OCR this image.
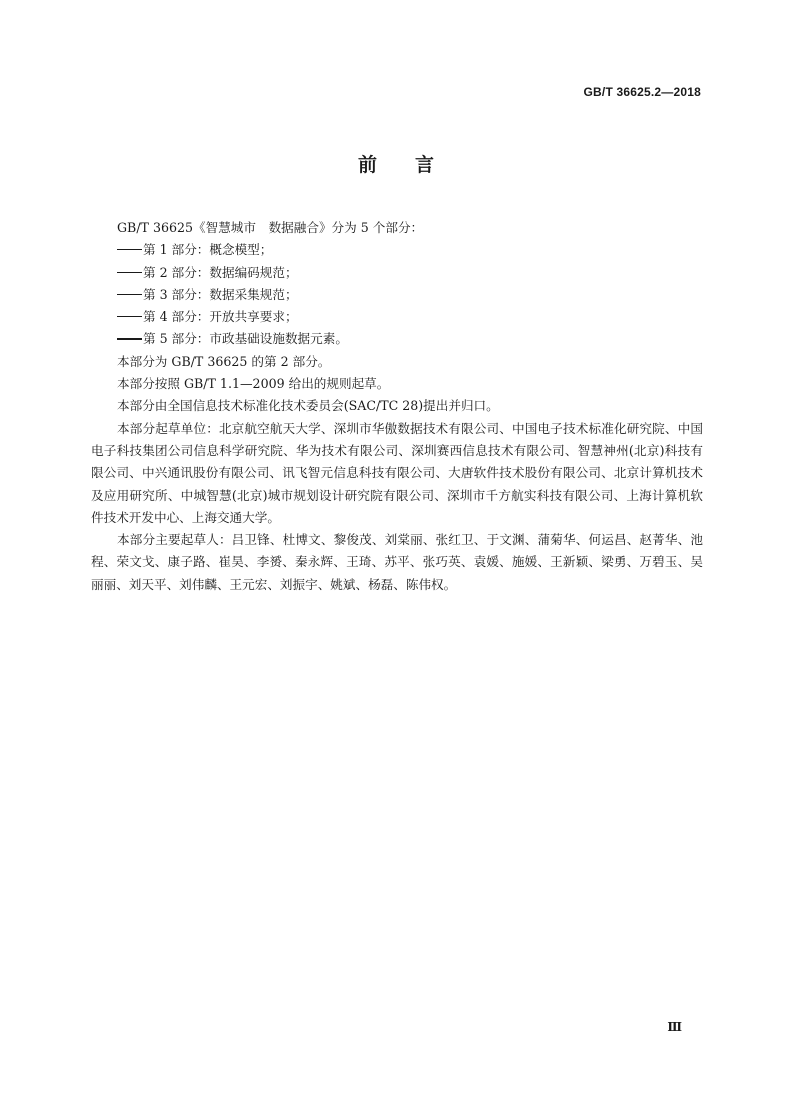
GB/T 36625.2—2018
前言

GB/T 36625《智慧城市　数据融合》分为 5 个部分：

第 1 部分：概念模型；

第 2 部分：数据编码规范；

第 3 部分：数据采集规范；

第 4 部分：开放共享要求；

第 5 部分：市政基础设施数据元素。

本部分为 GB/T 36625 的第 2 部分。

本部分按照 GB/T 1.1—2009 给出的规则起草。

本部分由全国信息技术标准化技术委员会(SAC/TC 28)提出并归口。

本部分起草单位：北京航空航天大学、深圳市华傲数据技术有限公司、中国电子技术标准化研究院、中国电子科技集团公司信息科学研究院、华为技术有限公司、深圳赛西信息技术有限公司、智慧神州(北京)科技有限公司、中兴通讯股份有限公司、讯飞智元信息科技有限公司、大唐软件技术股份有限公司、北京计算机技术及应用研究所、中城智慧(北京)城市规划设计研究院有限公司、深圳市千方航实科技有限公司、上海计算机软件技术开发中心、上海交通大学。

本部分主要起草人：吕卫锋、杜博文、黎俊茂、刘棠丽、张红卫、于文渊、蒲菊华、何运昌、赵菁华、池程、荣文戈、康子路、崔昊、李赟、秦永辉、王琦、苏平、张巧英、袁媛、施媛、王新颖、梁勇、万碧玉、吴丽丽、刘天平、刘伟麟、王元宏、刘振宇、姚斌、杨磊、陈伟权。

Ⅲ
